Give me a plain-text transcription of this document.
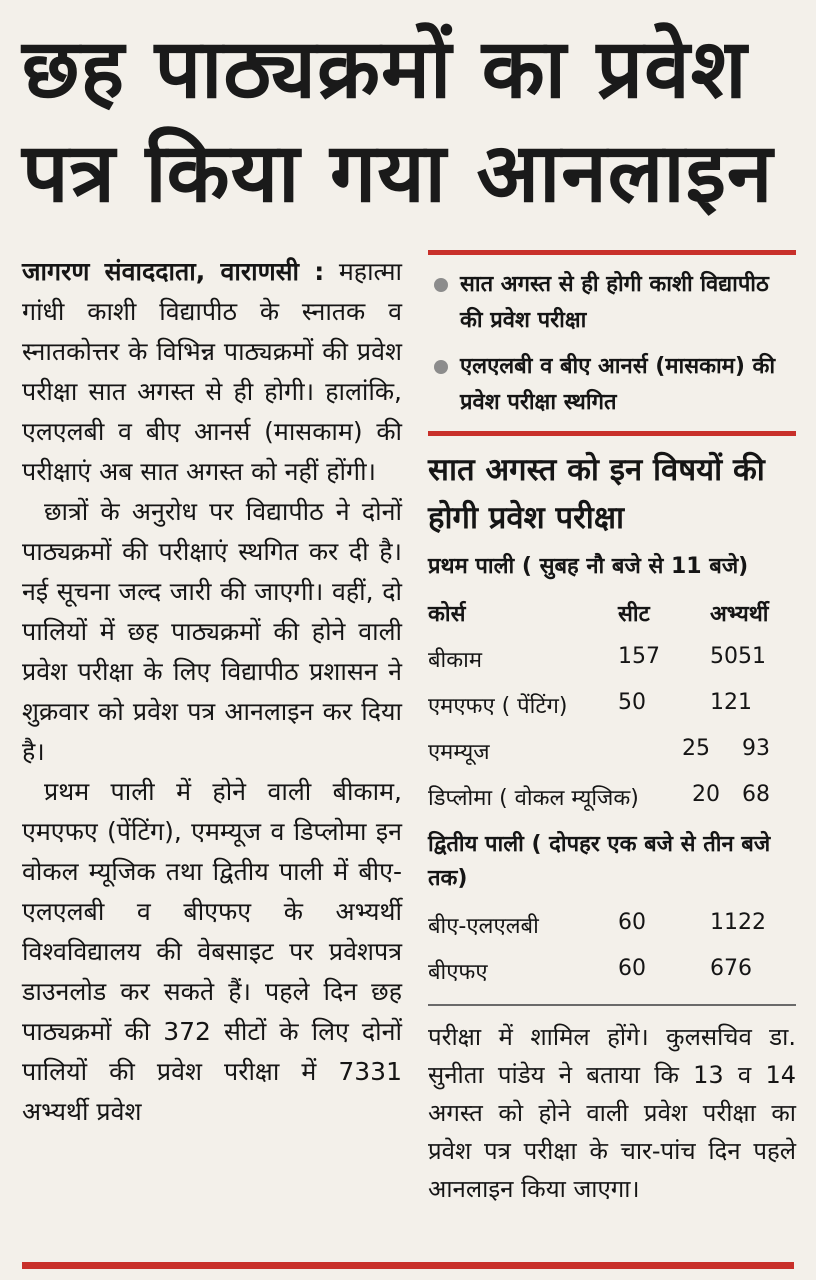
छह पाठ्यक्रमों का प्रवेश
पत्र किया गया आनलाइन

जागरण संवाददाता, वाराणसी : महात्मा गांधी काशी विद्यापीठ के स्नातक व स्नातकोत्तर के विभिन्न पाठ्यक्रमों की प्रवेश परीक्षा सात अगस्त से ही होगी। हालांकि, एलएलबी व बीए आनर्स (मासकाम) की परीक्षाएं अब सात अगस्त को नहीं होंगी।

छात्रों के अनुरोध पर विद्यापीठ ने दोनों पाठ्यक्रमों की परीक्षाएं स्थगित कर दी है। नई सूचना जल्द जारी की जाएगी। वहीं, दो पालियों में छह पाठ्यक्रमों की होने वाली प्रवेश परीक्षा के लिए विद्यापीठ प्रशासन ने शुक्रवार को प्रवेश पत्र आनलाइन कर दिया है।

प्रथम पाली में होने वाली बीकाम, एमएफए (पेंटिंग), एमम्यूज व डिप्लोमा इन वोकल म्यूजिक तथा द्वितीय पाली में बीए-एलएलबी व बीएफए के अभ्यर्थी विश्वविद्यालय की वेबसाइट पर प्रवेशपत्र डाउनलोड कर सकते हैं। पहले दिन छह पाठ्यक्रमों की 372 सीटों के लिए दोनों पालियों की प्रवेश परीक्षा में 7331 अभ्यर्थी प्रवेश

सात अगस्त से ही होगी काशी विद्यापीठ की प्रवेश परीक्षा
एलएलबी व बीए आनर्स (मासकाम) की प्रवेश परीक्षा स्थगित
सात अगस्त को इन विषयों की होगी प्रवेश परीक्षा
प्रथम पाली ( सुबह नौ बजे से 11 बजे)
कोर्स	सीट	अभ्यर्थी
बीकाम	157 5051
एमएफए ( पेंटिंग) 50	121
एमम्यूज	25 93
डिप्लोमा ( वोकल म्यूजिक) 20 68
द्वितीय पाली ( दोपहर एक बजे से तीन बजे तक)
बीए-एलएलबी	60	1122
बीएफए	60	676

परीक्षा में शामिल होंगे। कुलसचिव डा. सुनीता पांडेय ने बताया कि 13 व 14 अगस्त को होने वाली प्रवेश परीक्षा का प्रवेश पत्र परीक्षा के चार-पांच दिन पहले आनलाइन किया जाएगा।
